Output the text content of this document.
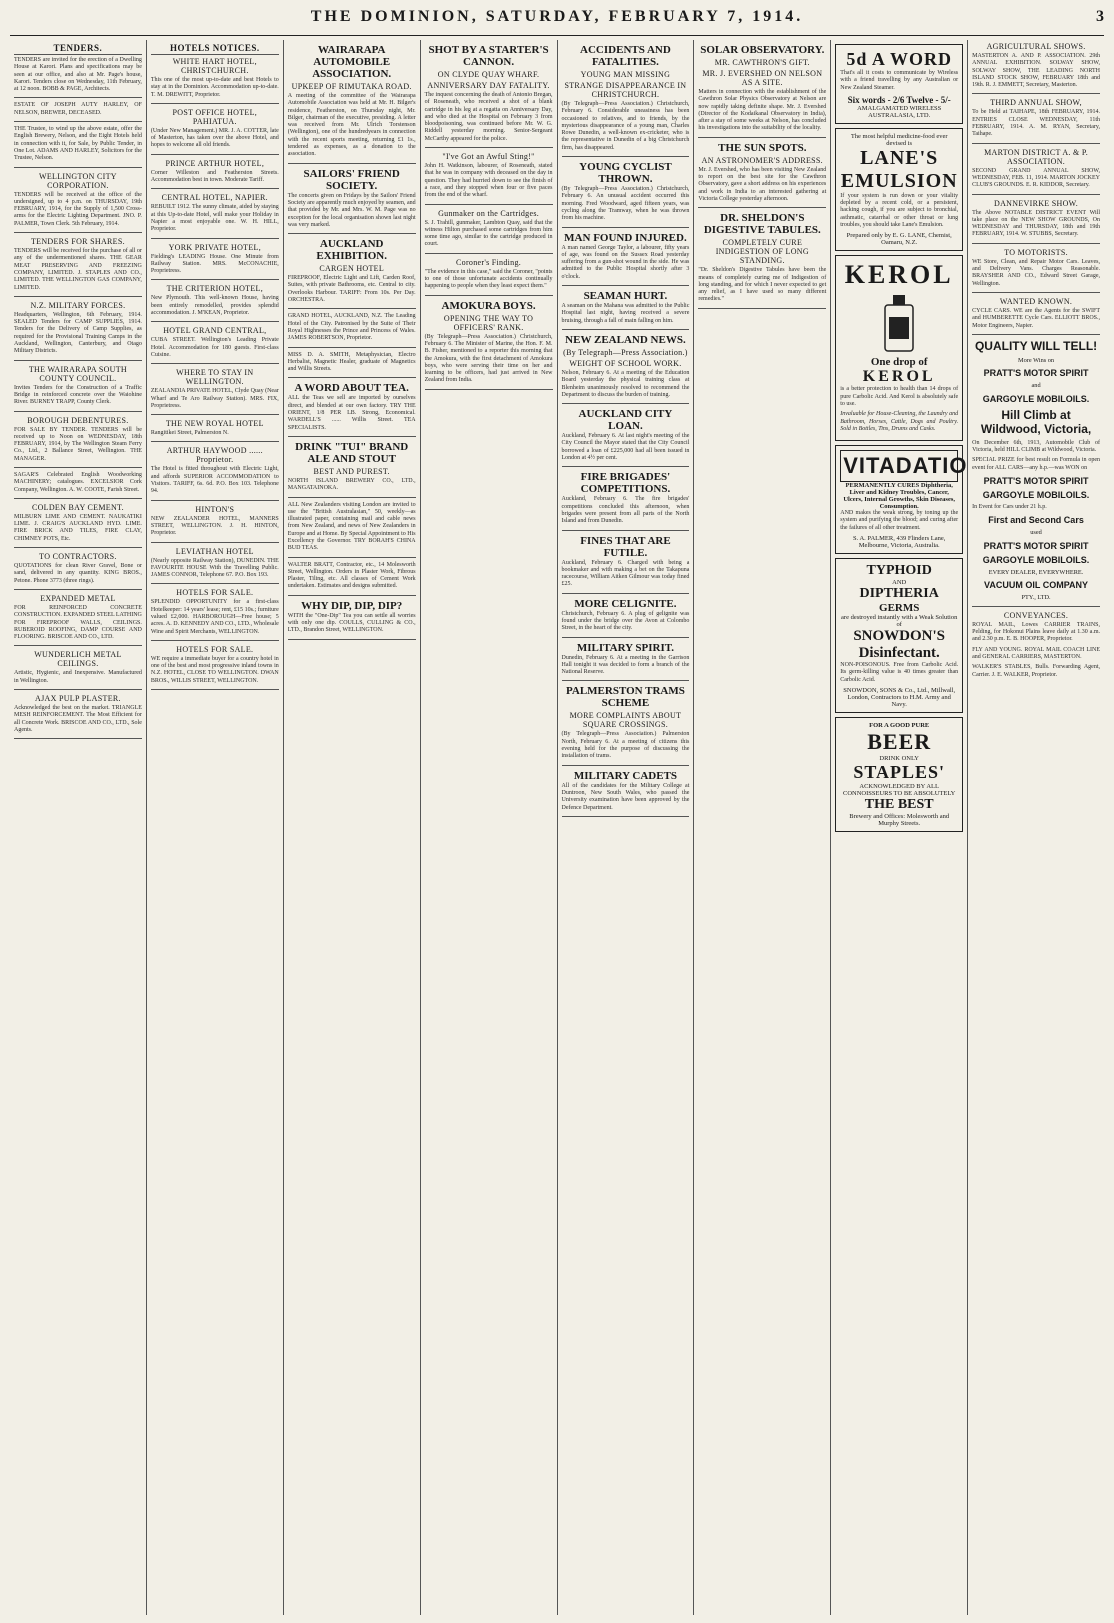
THE DOMINION, SATURDAY, FEBRUARY 7, 1914.	3
TENDERS.

TENDERS are invited for the erection of a Dwelling House at Karori. Plans and specifications may be seen at our office, and also at Mr. Page's house, Karori. Tenders close on Wednesday, 11th February, at 12 noon. BOBB & PAGE, Architects.

ESTATE OF JOSEPH AUTY HARLEY, OF NELSON, BREWER, DECEASED.

THE Trustee, to wind up the above estate, offer the English Brewery, Nelson, and the Eight Hotels held in connection with it, for Sale, by Public Tender, in One Lot. ADAMS AND HARLEY, Solicitors for the Trustee, Nelson.

WELLINGTON CITY CORPORATION.

TENDERS will be received at the office of the undersigned, up to 4 p.m. on THURSDAY, 19th FEBRUARY, 1914, for the Supply of 1,500 Cross-arms for the Electric Lighting Department. JNO. P. PALMER, Town Clerk. 5th February, 1914.

TENDERS FOR SHARES.

TENDERS will be received for the purchase of all or any of the undermentioned shares. THE GEAR MEAT PRESERVING AND FREEZING COMPANY, LIMITED. J. STAPLES AND CO., LIMITED. THE WELLINGTON GAS COMPANY, LIMITED.

N.Z. MILITARY FORCES.

Headquarters, Wellington, 6th February, 1914. SEALED Tenders for CAMP SUPPLIES, 1914. Tenders for the Delivery of Camp Supplies, as required for the Provisional Training Camps in the Auckland, Wellington, Canterbury, and Otago Military Districts.

THE WAIRARAPA SOUTH COUNTY COUNCIL.

Invites Tenders for the Construction of a Traffic Bridge in reinforced concrete over the Waiohine River. BURNEY TRAPP, County Clerk.

BOROUGH DEBENTURES.

FOR SALE BY TENDER. TENDERS will be received up to Noon on WEDNESDAY, 18th FEBRUARY, 1914, by The Wellington Steam Ferry Co., Ltd., 2 Ballance Street, Wellington. THE MANAGER.

SAGAR'S Celebrated English Woodworking MACHINERY; catalogues. EXCELSIOR Cork Company, Wellington. A. W. COOTE, Farish Street.

COLDEN BAY CEMENT.

MILBURN LIME AND CEMENT. NAUKATIKI LIME. J. CRAIG'S AUCKLAND HYD. LIME. FIRE BRICK AND TILES, FIRE CLAY, CHIMNEY POTS, Etc.

TO CONTRACTORS.

QUOTATIONS for clean River Gravel, Bone or sand, delivered in any quantity. KING BROS., Petone. Phone 3773 (three rings).

EXPANDED METAL

FOR REINFORCED CONCRETE CONSTRUCTION. EXPANDED STEEL LATHING FOR FIREPROOF WALLS, CEILINGS. RUBEROID ROOFING, DAMP COURSE AND FLOORING. BRISCOE AND CO., LTD.

WUNDERLICH METAL CEILINGS.

Artistic, Hygienic, and Inexpensive. Manufactured in Wellington.

AJAX PULP PLASTER.

Acknowledged the best on the market. TRIANGLE MESH REINFORCEMENT. The Most Efficient for all Concrete Work. BRISCOE AND CO., LTD., Sole Agents.

HOTELS NOTICES.
WHITE HART HOTEL, CHRISTCHURCH.

This one of the most up-to-date and best Hotels to stay at in the Dominion. Accommodation up-to-date. T. M. DREWITT, Proprietor.

POST OFFICE HOTEL, PAHIATUA.

(Under New Management.) MR. J. A. COTTER, late of Masterton, has taken over the above Hotel, and hopes to welcome all old friends.

PRINCE ARTHUR HOTEL,

Corner Willeston and Featherston Streets. Accommodation best in town. Moderate Tariff.

CENTRAL HOTEL, NAPIER.

REBUILT 1912. The sunny climate, aided by staying at this Up-to-date Hotel, will make your Holiday in Napier a most enjoyable one. W. H. HILL, Proprietor.

YORK PRIVATE HOTEL,

Fielding's LEADING House. One Minute from Railway Station. MRS. McCONACHIE, Proprietress.

THE CRITERION HOTEL,

New Plymouth. This well-known House, having been entirely remodelled, provides splendid accommodation. J. M'KEAN, Proprietor.

HOTEL GRAND CENTRAL,

CUBA STREET. Wellington's Leading Private Hotel. Accommodation for 180 guests. First-class Cuisine.

WHERE TO STAY IN WELLINGTON.

ZEALANDIA PRIVATE HOTEL, Clyde Quay (Near Wharf and Te Aro Railway Station). MRS. FIX, Proprietress.

THE NEW ROYAL HOTEL

Rangitikei Street, Palmerston N.

ARTHUR HAYWOOD ...... Proprietor.

The Hotel is fitted throughout with Electric Light, and affords SUPERIOR ACCOMMODATION to Visitors. TARIFF, 6s. 6d. P.O. Box 103. Telephone 94.

HINTON'S

NEW ZEALANDER HOTEL, MANNERS STREET, WELLINGTON. J. H. HINTON, Proprietor.

LEVIATHAN HOTEL

(Nearly opposite Railway Station), DUNEDIN. THE FAVOURITE HOUSE With the Travelling Public. JAMES CONNOR, Telephone 67. P.O. Box 193.

HOTELS FOR SALE.

SPLENDID OPPORTUNITY for a first-class Hotelkeeper: 14 years' lease; rent, £15 10s.; furniture valued £2,000. HARBOROUGH—Free house; 5 acres. A. D. KENNEDY AND CO., LTD., Wholesale Wine and Spirit Merchants, WELLINGTON.

HOTELS FOR SALE.

WE require a immediate buyer for a country hotel in one of the best and most progressive inland towns in N.Z. HOTEL, CLOSE TO WELLINGTON. DWAN BROS., WILLIS STREET, WELLINGTON.

WAIRARAPA AUTOMOBILE ASSOCIATION.
UPKEEP OF RIMUTAKA ROAD.

A meeting of the committee of the Wairarapa Automobile Association was held at Mr. H. Bilger's residence, Featherston, on Thursday night, Mr. Bilger, chairman of the executive, presiding. A letter was received from Mr. Ulrich Torstenson (Wellington), one of the hundredyears in connection with the recent sports meeting, returning £1 1s., tendered as expenses, as a donation to the association.

SAILORS' FRIEND SOCIETY.

The concerts given on Fridays by the Sailors' Friend Society are apparently much enjoyed by seamen, and that provided by Mr. and Mrs. W. M. Page was no exception for the local organisation shown last night was very marked.

AUCKLAND EXHIBITION.
CARGEN HOTEL

FIREPROOF, Electric Light and Lift, Carden Roof, Suites, with private Bathrooms, etc. Central to city. Overlooks Harbour. TARIFF: From 10s. Per Day. ORCHESTRA.

GRAND HOTEL, AUCKLAND, N.Z. The Leading Hotel of the City. Patronised by the Suite of Their Royal Highnesses the Prince and Princess of Wales. JAMES ROBERTSON, Proprietor.

MISS D. A. SMITH, Metaphysician, Electro Herbalist, Magnetic Healer, graduate of Magnetics and Willis Streets.

A WORD ABOUT TEA.

ALL the Teas we sell are imported by ourselves direct, and blended at our own factory. TRY THE ORIENT, 1/8 PER LB. Strong, Economical. WARDELL'S ...... Willis Street. TEA SPECIALISTS.

DRINK "TUI" BRAND ALE AND STOUT
BEST AND PUREST.

NORTH ISLAND BREWERY CO., LTD., MANGATAINOKA.

ALL New Zealanders visiting London are invited to use the "British Australasian," 50, weekly—as illustrated paper, containing mail and cable news from New Zealand, and news of New Zealanders in Europe and at Home. By Special Appointment to His Excellency the Governor. TRY BORAH'S CHINA BUD TEAS.

WALTER BRATT, Contractor, etc., 14 Molesworth Street, Wellington. Orders in Plaster Work, Fibrous Plaster, Tiling, etc. All classes of Cement Work undertaken. Estimates and designs submitted.

WHY DIP, DIP, DIP?

WITH the "One-Dip" Tea you can settle all worries with only one dip. COULLS, CULLING & CO., LTD., Brandon Street, WELLINGTON.

SHOT BY A STARTER'S CANNON.
ON CLYDE QUAY WHARF.
ANNIVERSARY DAY FATALITY.

The inquest concerning the death of Antonio Bregan, of Roseneath, who received a shot of a blank cartridge in his leg at a regatta on Anniversary Day, and who died at the Hospital on February 3 from bloodpoisoning, was continued before Mr. W. G. Riddell yesterday morning. Senior-Sergeant McCarthy appeared for the police.

"I've Got an Awful Sting!"

John H. Watkinson, labourer, of Roseneath, stated that he was in company with deceased on the day in question. They had hurried down to see the finish of a race, and they stopped when four or five paces from the end of the wharf.

Gunmaker on the Cartridges.

S. J. Trahill, gunmaker, Lambton Quay, said that the witness Hilton purchased some cartridges from him some time ago, similar to the cartridge produced in court.

Coroner's Finding.

"The evidence in this case," said the Coroner, "points to one of those unfortunate accidents continually happening to people when they least expect them."

AMOKURA BOYS.
OPENING THE WAY TO OFFICERS' RANK.

(By Telegraph—Press Association.) Christchurch, February 6. The Minister of Marine, the Hon. F. M. B. Fisher, mentioned to a reporter this morning that the Amokura, with the first detachment of Amokura boys, who were serving their time on her and learning to be officers, had just arrived in New Zealand from India.

ACCIDENTS AND FATALITIES.
YOUNG MAN MISSING
STRANGE DISAPPEARANCE IN CHRISTCHURCH.

(By Telegraph—Press Association.) Christchurch, February 6. Considerable uneasiness has been occasioned to relatives, and to friends, by the mysterious disappearance of a young man, Charles Rowe Dunedin, a well-known ex-cricketer, who is the representative in Dunedin of a big Christchurch firm, has disappeared.

YOUNG CYCLIST THROWN.

(By Telegraph—Press Association.) Christchurch, February 6. An unusual accident occurred this morning. Fred Woodward, aged fifteen years, was cycling along the Tramway, when he was thrown from his machine.

MAN FOUND INJURED.

A man named George Taylor, a labourer, fifty years of age, was found on the Sussex Road yesterday suffering from a gun-shot wound in the side. He was admitted to the Public Hospital shortly after 3 o'clock.

SEAMAN HURT.

A seaman on the Mahana was admitted to the Public Hospital last night, having received a severe bruising, through a fall of main falling on him.

NEW ZEALAND NEWS.
(By Telegraph—Press Association.)
WEIGHT OF SCHOOL WORK.

Nelson, February 6. At a meeting of the Education Board yesterday the physical training class at Blenheim unanimously resolved to recommend the Department to discuss the burden of training.

AUCKLAND CITY LOAN.

Auckland, February 6. At last night's meeting of the City Council the Mayor stated that the City Council borrowed a loan of £225,000 had all been issued in London at 4½ per cent.

FIRE BRIGADES' COMPETITIONS.

Auckland, February 6. The fire brigades' competitions concluded this afternoon, when brigades were present from all parts of the North Island and from Dunedin.

FINES THAT ARE FUTILE.

Auckland, February 6. Charged with being a bookmaker and with making a bet on the Takapuna racecourse, William Aitken Gilmour was today fined £25.

MORE CELIGNITE.

Christchurch, February 6. A plug of gelignite was found under the bridge over the Avon at Colombo Street, in the heart of the city.

MILITARY SPIRIT.

Dunedin, February 6. At a meeting in the Garrison Hall tonight it was decided to form a branch of the National Reserve.

PALMERSTON TRAMS SCHEME
MORE COMPLAINTS ABOUT SQUARE CROSSINGS.

(By Telegraph—Press Association.) Palmerston North, February 6. At a meeting of citizens this evening held for the purpose of discussing the installation of trams.

MILITARY CADETS

All of the candidates for the Military College at Duntroon, New South Wales, who passed the University examination have been approved by the Defence Department.

SOLAR OBSERVATORY.
MR. CAWTHRON'S GIFT.
MR. J. EVERSHED ON NELSON AS A SITE.

Matters in connection with the establishment of the Cawthron Solar Physics Observatory at Nelson are now rapidly taking definite shape. Mr. J. Evershed (Director of the Kodaikanal Observatory in India), after a stay of some weeks at Nelson, has concluded his investigations into the suitability of the locality.

THE SUN SPOTS.
AN ASTRONOMER'S ADDRESS.

Mr. J. Evershed, who has been visiting New Zealand to report on the best site for the Cawthron Observatory, gave a short address on his experiences and work in India to an interested gathering at Victoria College yesterday afternoon.

DR. SHELDON'S DIGESTIVE TABULES.
COMPLETELY CURE INDIGESTION OF LONG STANDING.

"Dr. Sheldon's Digestive Tabules have been the means of completely curing me of Indigestion of long standing, and for which I never expected to get any relief, as I have used so many different remedies."

5d A WORD

That's all it costs to communicate by Wireless with a friend travelling by any Australian or New Zealand Steamer.

Six words - 2/6 Twelve - 5/-
AMALGAMATED WIRELESS AUSTRALASIA, LTD.
The most helpful medicine-food ever devised is
LANE'S EMULSION

If your system is run down or your vitality depleted by a recent cold, or a persistent, hacking cough, if you are subject to bronchial, asthmatic, catarrhal or other throat or lung troubles, you should take Lane's Emulsion.

Prepared only by E. G. LANE, Chemist, Oamaru, N.Z.
KEROL
One drop of
KEROL

is a better protection to health than 14 drops of pure Carbolic Acid. And Kerol is absolutely safe to use.

Invaluable for House-Cleaning, the Laundry and Bathroom, Horses, Cattle, Dogs and Poultry. Sold in Bottles, Tins, Drums and Casks.

VITADATIO
PERMANENTLY CURES Diphtheria, Liver and Kidney Troubles, Cancer, Ulcers, Internal Growths, Skin Diseases, Consumption.

AND makes the weak strong, by toning up the system and purifying the blood; and curing after the failures of all other treatment.

S. A. PALMER, 439 Flinders Lane, Melbourne, Victoria, Australia.
TYPHOID
AND
DIPTHERIA
GERMS
are destroyed instantly with a Weak Solution of
SNOWDON'S Disinfectant.

NON-POISONOUS. Free from Carbolic Acid. Its germ-killing value is 40 times greater than Carbolic Acid.

SNOWDON, SONS & Co., Ltd., Millwall, London, Contractors to H.M. Army and Navy.
FOR A GOOD PURE
BEER
DRINK ONLY
STAPLES'
ACKNOWLEDGED BY ALL CONNOISSEURS TO BE ABSOLUTELY
THE BEST
Brewery and Offices: Molesworth and Murphy Streets.
AGRICULTURAL SHOWS.

MASTERTON A. AND P. ASSOCIATION. 29th ANNUAL EXHIBITION. SOLWAY SHOW, SOLWAY SHOW, THE LEADING NORTH ISLAND STOCK SHOW, FEBRUARY 18th and 19th. R. J. EMMETT, Secretary, Masterton.

THIRD ANNUAL SHOW,

To be Held at TAIHAPE, 18th FEBRUARY, 1914. ENTRIES CLOSE WEDNESDAY, 11th FEBRUARY, 1914. A. M. RYAN, Secretary, Taihape.

MARTON DISTRICT A. & P. ASSOCIATION.

SECOND GRAND ANNUAL SHOW, WEDNESDAY, FEB. 11, 1914. MARTON JOCKEY CLUB'S GROUNDS. E. R. KIDDOR, Secretary.

DANNEVIRKE SHOW.

The Above NOTABLE DISTRICT EVENT Will take place on the NEW SHOW GROUNDS, On WEDNESDAY and THURSDAY, 18th and 19th FEBRUARY, 1914. W. STUBBS, Secretary.

TO MOTORISTS.

WE Store, Clean, and Repair Motor Cars. Leaves, and Delivery Vans. Charges Reasonable. BRAYSHER AND CO., Edward Street Garage, Wellington.

WANTED KNOWN.

CYCLE CARS. WE are the Agents for the SWIFT and HUMBERETTE Cycle Cars. ELLIOTT BROS., Motor Engineers, Napier.

QUALITY WILL TELL!
More Wins on
PRATT'S MOTOR SPIRIT
and
GARGOYLE MOBILOILS.
Hill Climb at Wildwood, Victoria,
On December 6th, 1913, Automobile Club of Victoria, held HILL CLIMB at Wildwood, Victoria.
SPECIAL PRIZE for best result on Formula in open event for ALL CARS—any h.p.—was WON on
PRATT'S MOTOR SPIRIT
GARGOYLE MOBILOILS.
In Event for Cars under 21 h.p.
First and Second Cars
used
PRATT'S MOTOR SPIRIT
GARGOYLE MOBILOILS.
EVERY DEALER, EVERYWHERE.
VACUUM OIL COMPANY
PTY., LTD.
CONVEYANCES.

ROYAL MAIL, Lowes CARRIER TRAINS, Pelding, for Hokonui Plains leave daily at 1.30 a.m. and 2.30 p.m. E. B. HOOPER, Proprietor.

FLY AND YOUNG. ROYAL MAIL COACH LINE and GENERAL CARRIERS, MASTERTON.

WALKER'S STABLES, Bulls. Forwarding Agent, Carrier. J. E. WALKER, Proprietor.
